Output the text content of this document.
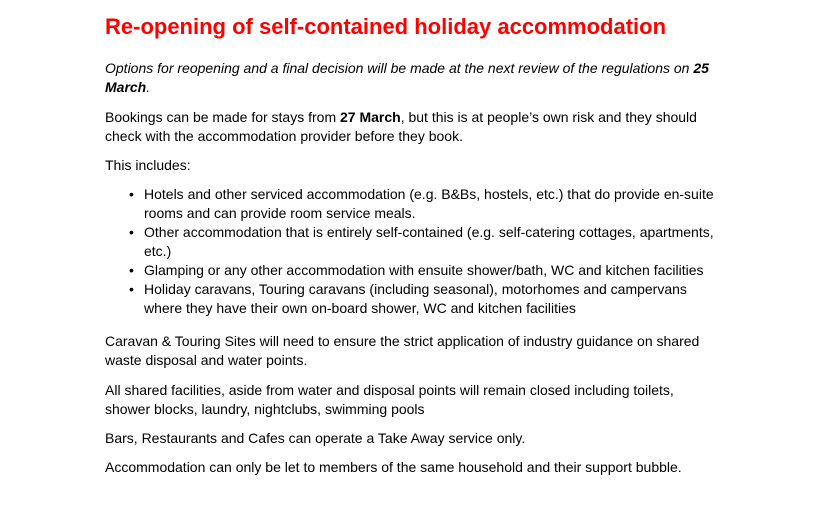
Re-opening of self-contained holiday accommodation

Options for reopening and a final decision will be made at the next review of the regulations on 25 March.

Bookings can be made for stays from 27 March, but this is at people’s own risk and they should check with the accommodation provider before they book.

This includes:

• Hotels and other serviced accommodation (e.g. B&Bs, hostels, etc.) that do provide en-suite rooms and can provide room service meals.
• Other accommodation that is entirely self-contained (e.g. self-catering cottages, apartments, etc.)
• Glamping or any other accommodation with ensuite shower/bath, WC and kitchen facilities
• Holiday caravans, Touring caravans (including seasonal), motorhomes and campervans where they have their own on-board shower, WC and kitchen facilities

Caravan & Touring Sites will need to ensure the strict application of industry guidance on shared waste disposal and water points.

All shared facilities, aside from water and disposal points will remain closed including toilets, shower blocks, laundry, nightclubs, swimming pools

Bars, Restaurants and Cafes can operate a Take Away service only.

Accommodation can only be let to members of the same household and their support bubble.
